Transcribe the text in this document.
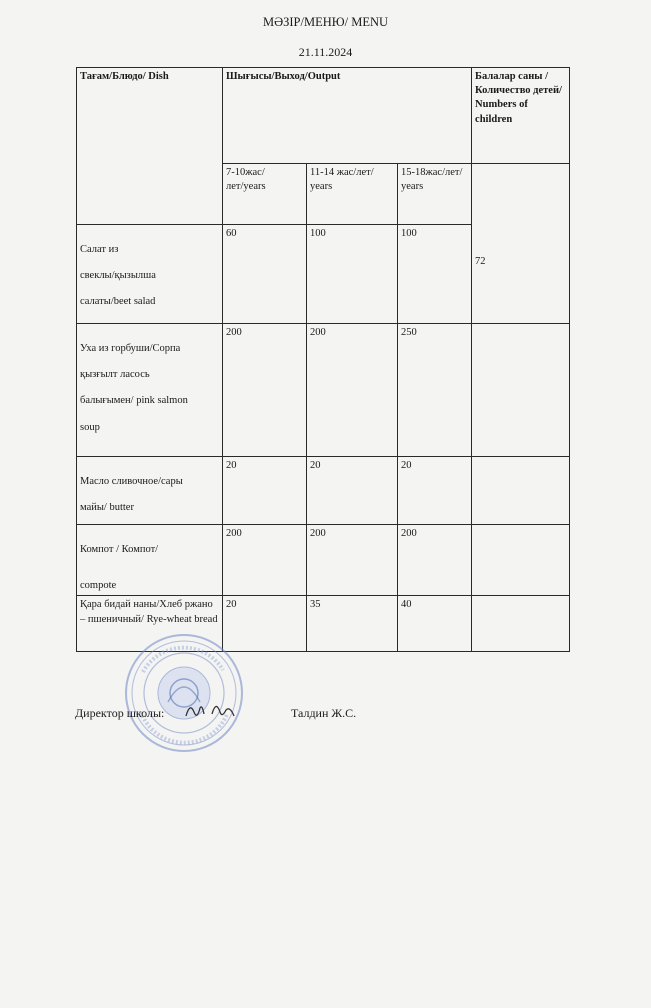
МӘЗІР/МЕНЮ/ MENU
21.11.2024
Тағам/Блюдо/ Dish	Шығысы/Выход/Output			Балалар саны /Количество детей/ Numbers of children
	7-10жас/лет/years	11-14 жас/лет/ years	15-18жас/лет/ years	72

Салат из

свеклы/қызылша

салаты/beet salad	60	100	100	

Уха из горбуши/Сорпа

қызғылт ласось

балығымен/ pink salmon

soup	200	200	250	

Масло сливочное/сары

майы/ butter	20	20	20	

Компот / Компот/

compote	200	200	200	

Қара бидай наны/Хлеб ржано – пшеничный/ Rye-wheat bread	20	35	40	
Директор школы:	Талдин Ж.С.
